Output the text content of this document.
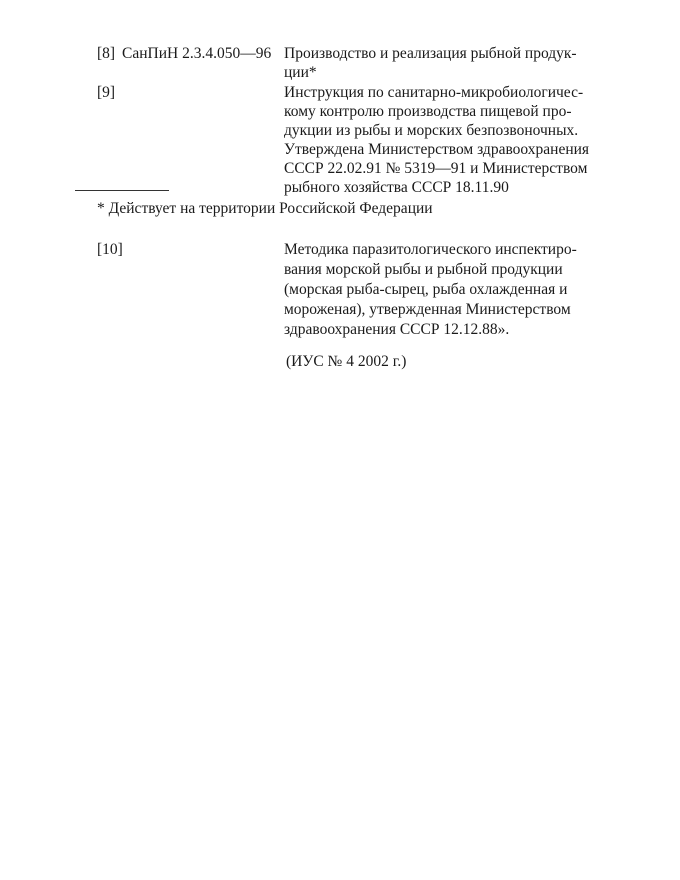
[8] СанПиН 2.3.4.050—96 Производство и реализация рыбной продук-
ции*
[9]	Инструкция по санитарно-микробиологичес-
кому контролю производства пищевой про-
дукции из рыбы и морских безпозвоночных.
Утверждена Министерством здравоохранения
СССР 22.02.91 № 5319—91 и Министерством
рыбного хозяйства СССР 18.11.90
* Действует на территории Российской Федерации
[10]	Методика паразитологического инспектиро-
вания морской рыбы и рыбной продукции
(морская рыба-сырец, рыба охлажденная и
мороженая), утвержденная Министерством
здравоохранения СССР 12.12.88».
(ИУС № 4 2002 г.)
